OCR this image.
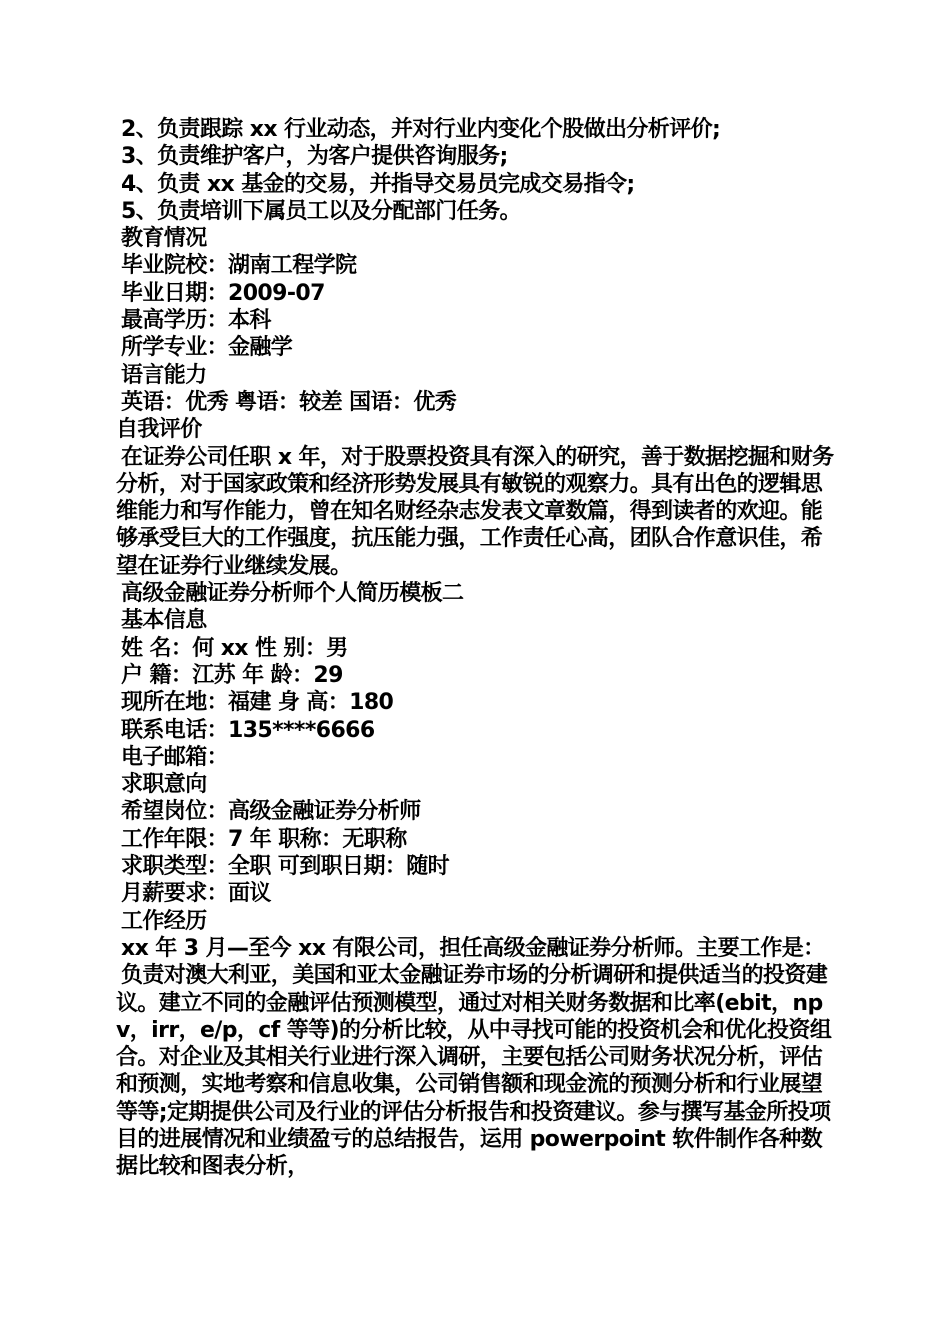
2、负责跟踪 xx 行业动态，并对行业内变化个股做出分析评价;
3、负责维护客户，为客户提供咨询服务;
4、负责 xx 基金的交易，并指导交易员完成交易指令;
5、负责培训下属员工以及分配部门任务。
教育情况
毕业院校：湖南工程学院
毕业日期：2009-07
最高学历：本科
所学专业：金融学
语言能力
英语：优秀 粤语：较差 国语：优秀
自我评价
在证券公司任职 x 年，对于股票投资具有深入的研究，善于数据挖掘和财务分析，对于国家政策和经济形势发展具有敏锐的观察力。具有出色的逻辑思维能力和写作能力，曾在知名财经杂志发表文章数篇，得到读者的欢迎。能够承受巨大的工作强度，抗压能力强，工作责任心高，团队合作意识佳，希望在证券行业继续发展。
高级金融证券分析师个人简历模板二
基本信息
姓 名：何 xx 性 别：男
户 籍：江苏 年 龄：29
现所在地：福建 身 高：180
联系电话：135****6666
电子邮箱：
求职意向
希望岗位：高级金融证券分析师
工作年限：7 年 职称：无职称
求职类型：全职 可到职日期：随时
月薪要求：面议
工作经历
xx 年 3 月—至今 xx 有限公司，担任高级金融证券分析师。主要工作是：
负责对澳大利亚，美国和亚太金融证券市场的分析调研和提供适当的投资建议。建立不同的金融评估预测模型，通过对相关财务数据和比率(ebit，npv，irr，e/p，cf 等等)的分析比较，从中寻找可能的投资机会和优化投资组合。对企业及其相关行业进行深入调研，主要包括公司财务状况分析，评估和预测，实地考察和信息收集，公司销售额和现金流的预测分析和行业展望等等;定期提供公司及行业的评估分析报告和投资建议。参与撰写基金所投项目的进展情况和业绩盈亏的总结报告，运用 powerpoint 软件制作各种数据比较和图表分析，
